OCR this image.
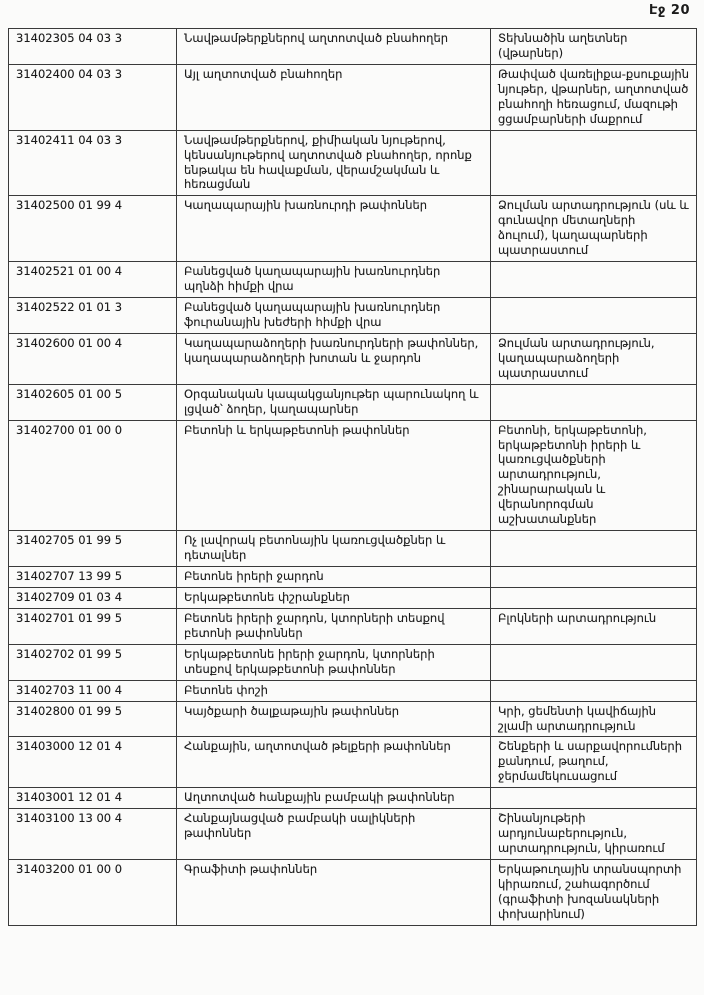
Էջ 20
31402305 04 03 3	Նավթամթերքներով աղտոտված բնահողեր	Տեխնածին աղետներ (վթարներ)
31402400 04 03 3	Այլ աղտոտված բնահողեր	Թափված վառելիքա-քսուքային նյութեր, վթարներ, աղտոտված բնահողի հեռացում, մազութի ցցամբարների մաքրում
31402411 04 03 3	Նավթամթերքներով, քիմիական նյութերով, կենսանյութերով աղտոտված բնահողեր, որոնք ենթակա են հավաքման, վերամշակման և հեռացման	
31402500 01 99 4	Կաղապարային խառնուրդի թափոններ	Ձուլման արտադրություն (սև և գունավոր մետաղների ձուլում), կաղապարների պատրաստում
31402521 01 00 4	Բանեցված կաղապարային խառնուրդներ պղնձի հիմքի վրա	
31402522 01 01 3	Բանեցված կաղապարային խառնուրդներ ֆուրանային խեժերի հիմքի վրա	
31402600 01 00 4	Կաղապարաձողերի խառնուրդների թափոններ, կաղապարաձողերի խոտան և ջարդոն	Ձուլման արտադրություն, կաղապարաձողերի պատրաստում
31402605 01 00 5	Օրգանական կապակցանյութեր պարունակող և լցված՝ ձողեր, կաղապարներ	
31402700 01 00 0	Բետոնի և երկաթբետոնի թափոններ	Բետոնի, երկաթբետոնի, երկաթբետոնի իրերի և կառուցվածքների արտադրություն, շինարարական և վերանորոգման աշխատանքներ
31402705 01 99 5	Ոչ լավորակ բետոնային կառուցվածքներ և դետալներ	
31402707 13 99 5	Բետոնե իրերի ջարդոն	
31402709 01 03 4	Երկաթբետոնե փշրանքներ	
31402701 01 99 5	Բետոնե իրերի ջարդոն, կտորների տեսքով բետոնի թափոններ	Բլոկների արտադրություն
31402702 01 99 5	Երկաթբետոնե իրերի ջարդոն, կտորների տեսքով երկաթբետոնի թափոններ	
31402703 11 00 4	Բետոնե փոշի	
31402800 01 99 5	Կայծքարի ծալքաթային թափոններ	Կրի, ցեմենտի կավիճային շլամի արտադրություն
31403000 12 01 4	Հանքային, աղտոտված թելքերի թափոններ	Շենքերի և սարքավորումների քանդում, թաղում, ջերմամեկուսացում
31403001 12 01 4	Աղտոտված հանքային բամբակի թափոններ	
31403100 13 00 4	Հանքայնացված բամբակի սալիկների թափոններ	Շինանյութերի արդյունաբերություն, արտադրություն, կիրառում
31403200 01 00 0	Գրաֆիտի թափոններ	Երկաթուղային տրանսպորտի կիրառում, շահագործում (գրաֆիտի խոզանակների փոխարինում)
